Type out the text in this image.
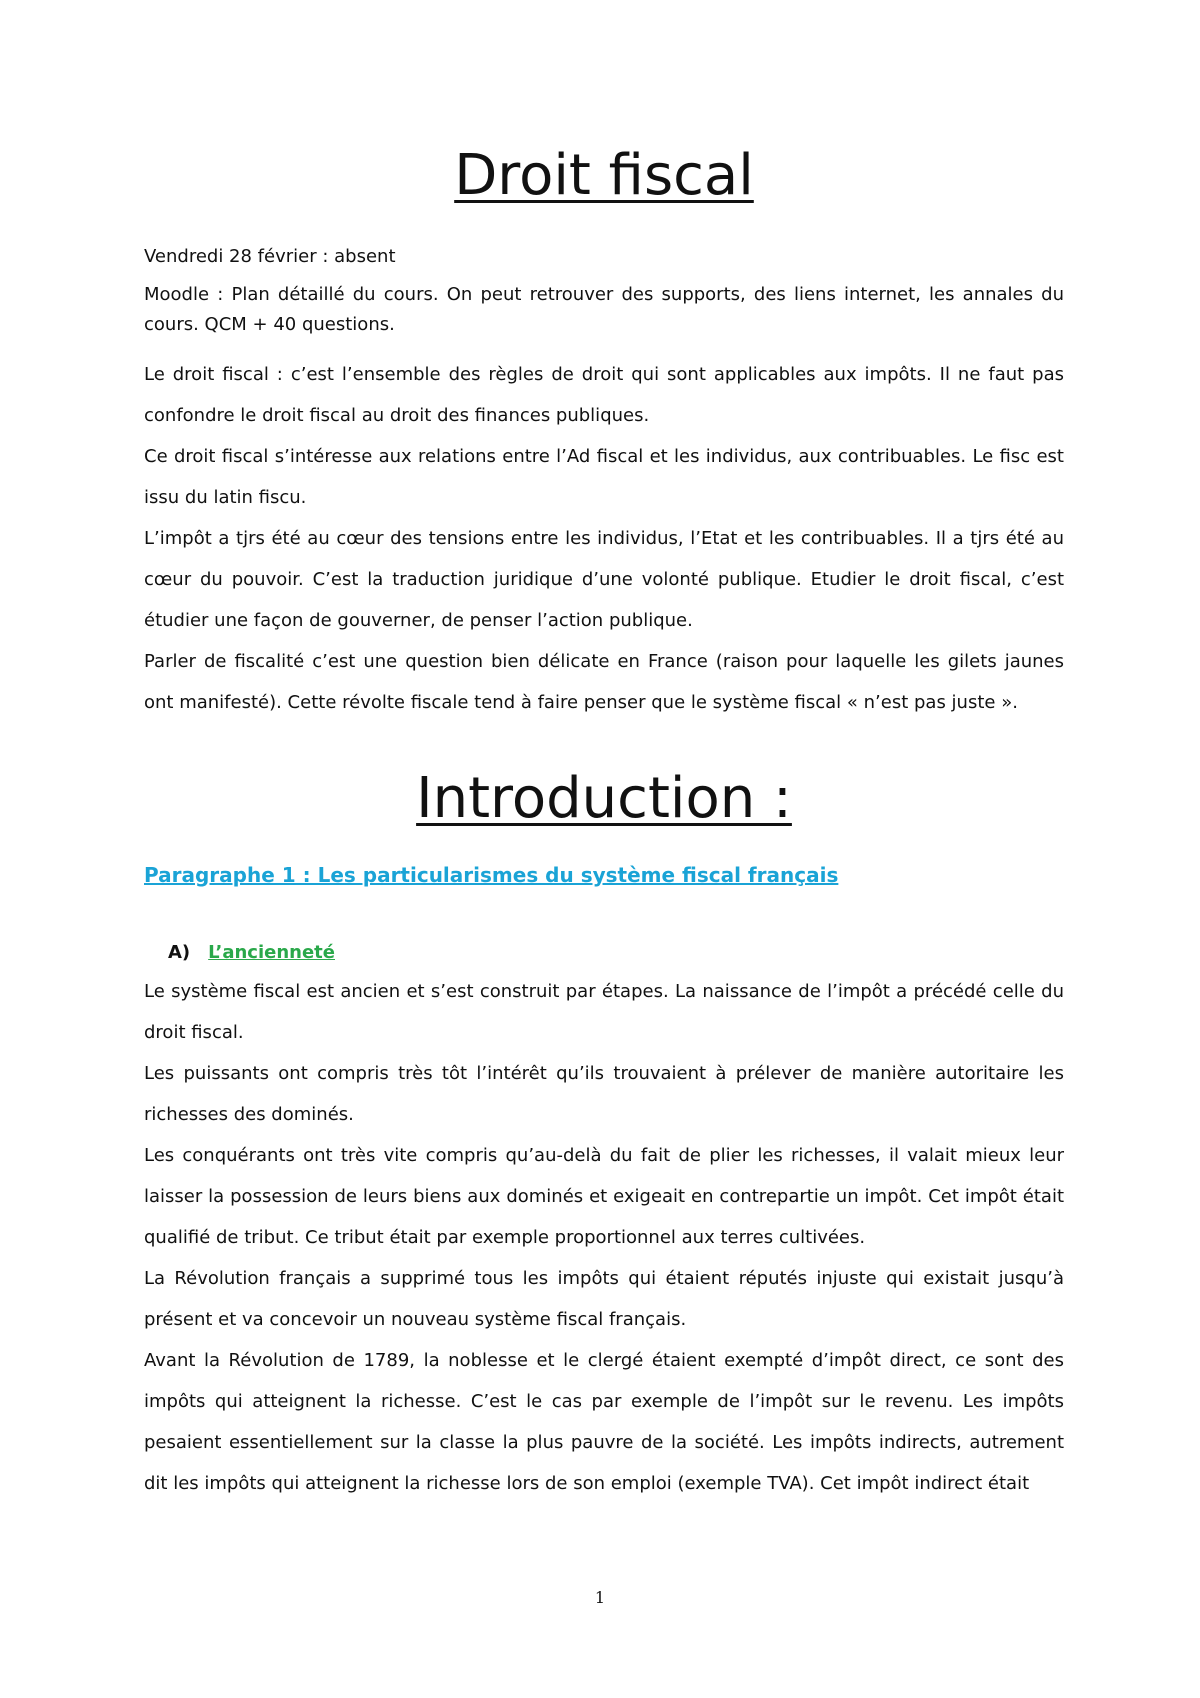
Droit fiscal

Vendredi 28 février : absent

Moodle : Plan détaillé du cours. On peut retrouver des supports, des liens internet, les annales du cours. QCM + 40 questions.

Le droit fiscal : c’est l’ensemble des règles de droit qui sont applicables aux impôts. Il ne faut pas confondre le droit fiscal au droit des finances publiques.

Ce droit fiscal s’intéresse aux relations entre l’Ad fiscal et les individus, aux contribuables. Le fisc est issu du latin fiscu.

L’impôt a tjrs été au cœur des tensions entre les individus, l’Etat et les contribuables. Il a tjrs été au cœur du pouvoir. C’est la traduction juridique d’une volonté publique. Etudier le droit fiscal, c’est étudier une façon de gouverner, de penser l’action publique.

Parler de fiscalité c’est une question bien délicate en France (raison pour laquelle les gilets jaunes ont manifesté). Cette révolte fiscale tend à faire penser que le système fiscal « n’est pas juste ».

Introduction :
Paragraphe 1 : Les particularismes du système fiscal français
A) L’ancienneté

Le système fiscal est ancien et s’est construit par étapes. La naissance de l’impôt a précédé celle du droit fiscal.

Les puissants ont compris très tôt l’intérêt qu’ils trouvaient à prélever de manière autoritaire les richesses des dominés.

Les conquérants ont très vite compris qu’au-delà du fait de plier les richesses, il valait mieux leur laisser la possession de leurs biens aux dominés et exigeait en contrepartie un impôt. Cet impôt était qualifié de tribut. Ce tribut était par exemple proportionnel aux terres cultivées.

La Révolution français a supprimé tous les impôts qui étaient réputés injuste qui existait jusqu’à présent et va concevoir un nouveau système fiscal français.

Avant la Révolution de 1789, la noblesse et le clergé étaient exempté d’impôt direct, ce sont des impôts qui atteignent la richesse. C’est le cas par exemple de l’impôt sur le revenu. Les impôts pesaient essentiellement sur la classe la plus pauvre de la société. Les impôts indirects, autrement dit les impôts qui atteignent la richesse lors de son emploi (exemple TVA). Cet impôt indirect était

1
